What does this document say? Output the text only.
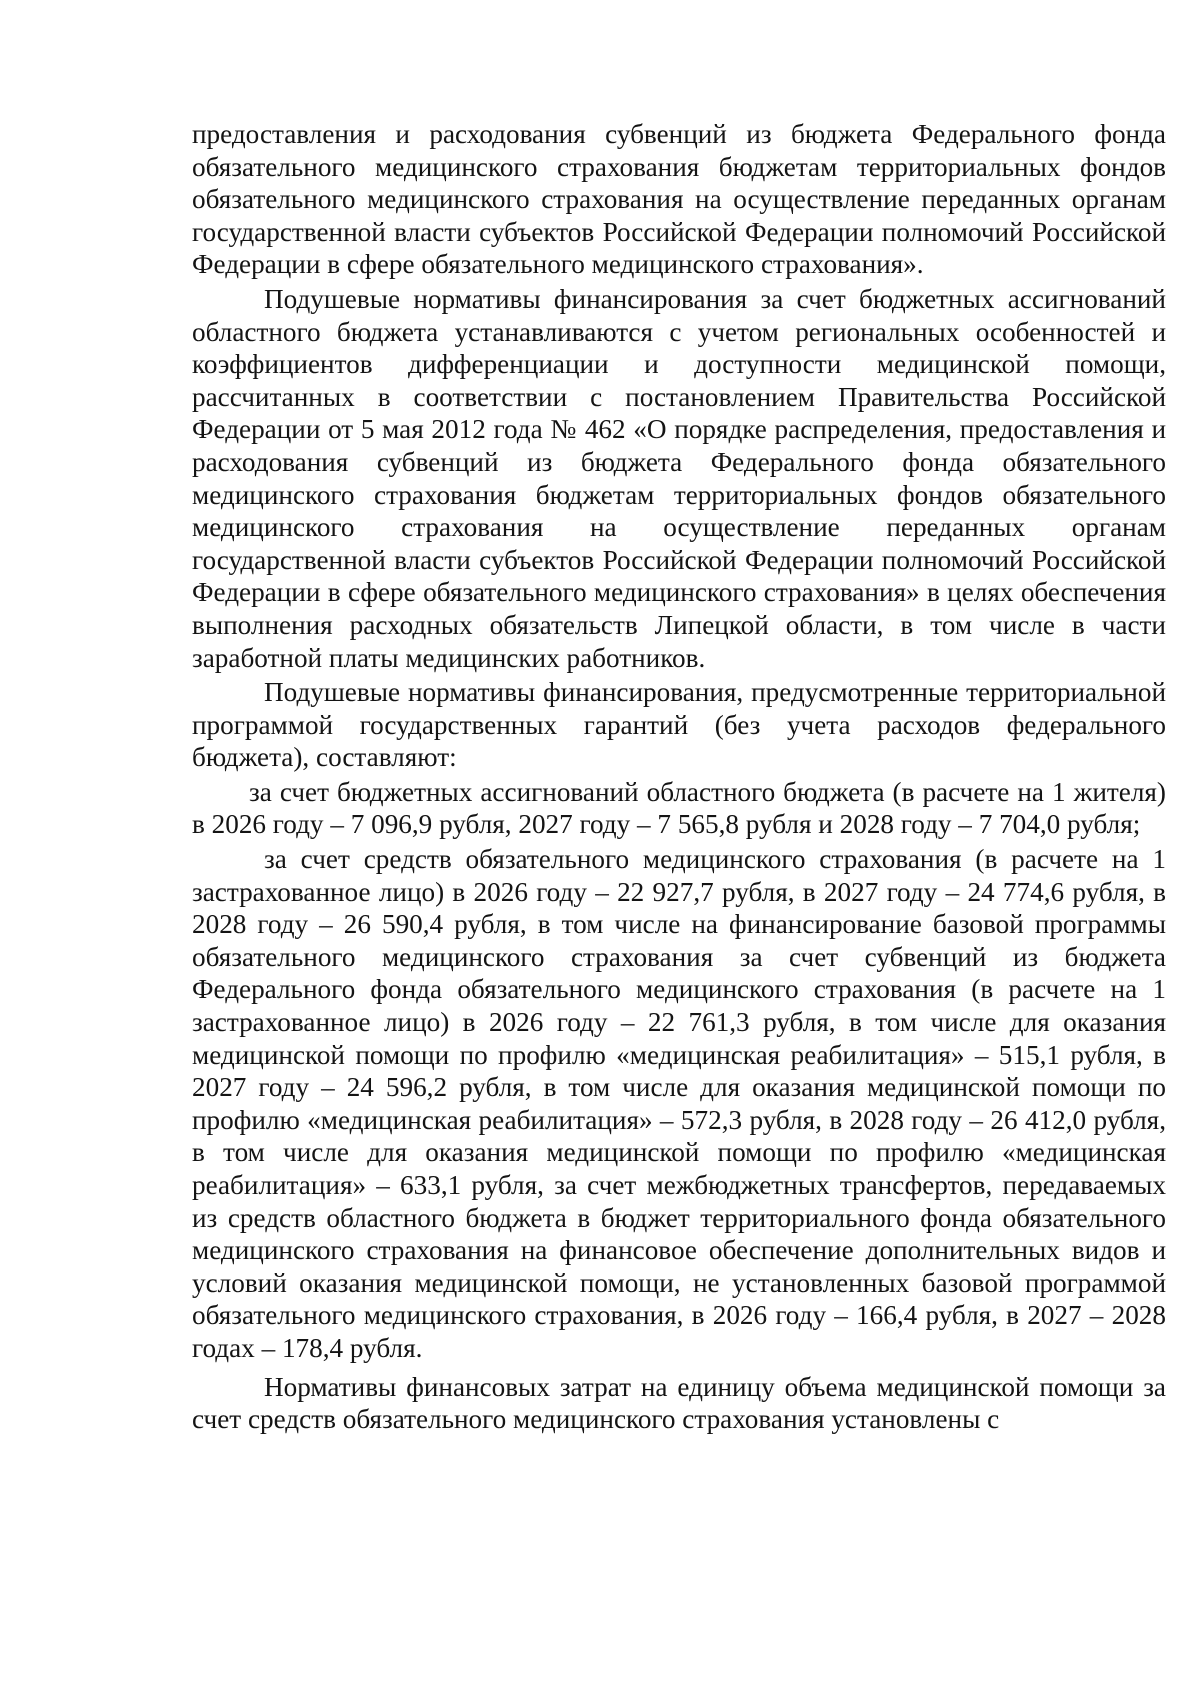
предоставления и расходования субвенций из бюджета Федерального фонда обязательного медицинского страхования бюджетам территориальных фондов обязательного медицинского страхования на осуществление переданных органам государственной власти субъектов Российской Федерации полномочий Российской Федерации в сфере обязательного медицинского страхования».

Подушевые нормативы финансирования за счет бюджетных ассигнований областного бюджета устанавливаются с учетом региональных особенностей и коэффициентов дифференциации и доступности медицинской помощи, рассчитанных в соответствии с постановлением Правительства Российской Федерации от 5 мая 2012 года № 462 «О порядке распределения, предоставления и расходования субвенций из бюджета Федерального фонда обязательного медицинского страхования бюджетам территориальных фондов обязательного медицинского страхования на осуществление переданных органам государственной власти субъектов Российской Федерации полномочий Российской Федерации в сфере обязательного медицинского страхования» в целях обеспечения выполнения расходных обязательств Липецкой области, в том числе в части заработной платы медицинских работников.

Подушевые нормативы финансирования, предусмотренные территориальной программой государственных гарантий (без учета расходов федерального бюджета), составляют:

за счет бюджетных ассигнований областного бюджета (в расчете на 1 жителя) в 2026 году – 7 096,9 рубля, 2027 году – 7 565,8 рубля и 2028 году – 7 704,0 рубля;

за счет средств обязательного медицинского страхования (в расчете на 1 застрахованное лицо) в 2026 году – 22 927,7 рубля, в 2027 году – 24 774,6 рубля, в 2028 году – 26 590,4 рубля, в том числе на финансирование базовой программы обязательного медицинского страхования за счет субвенций из бюджета Федерального фонда обязательного медицинского страхования (в расчете на 1 застрахованное лицо) в 2026 году – 22 761,3 рубля, в том числе для оказания медицинской помощи по профилю «медицинская реабилитация» – 515,1 рубля, в 2027 году – 24 596,2 рубля, в том числе для оказания медицинской помощи по профилю «медицинская реабилитация» – 572,3 рубля, в 2028 году – 26 412,0 рубля, в том числе для оказания медицинской помощи по профилю «медицинская реабилитация» – 633,1 рубля, за счет межбюджетных трансфертов, передаваемых из средств областного бюджета в бюджет территориального фонда обязательного медицинского страхования на финансовое обеспечение дополнительных видов и условий оказания медицинской помощи, не установленных базовой программой обязательного медицинского страхования, в 2026 году – 166,4 рубля, в 2027 – 2028 годах – 178,4 рубля.

Нормативы финансовых затрат на единицу объема медицинской помощи за счет средств обязательного медицинского страхования установлены с
